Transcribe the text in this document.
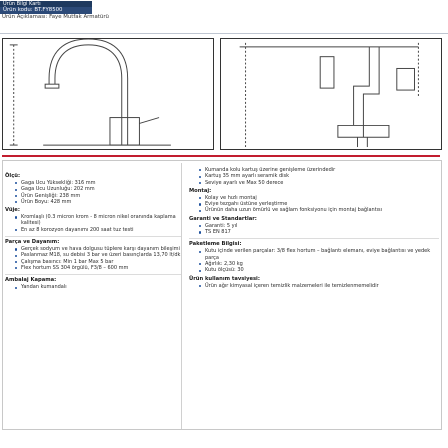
Ürün Bilgi Kartı
Ürün kodu: BT.FY8500
Ürün Açıklaması: Faye Mutfak Armatürü
Ölçü:
Gaga Ucu Yüksekliği: 316 mm
Gaga Ucu Uzunluğu: 202 mm
Ürün Genişliği: 238 mm
Ürün Boyu: 428 mm
Vüje:
Kromlaşlı (0.3 micron krom - 8 micron nikel oranında kaplama kalitesi)
En az 8 korozyon dayanımı 200 saat tuz testi
Parça ve Dayanım:
Gerçek sodyum ve hava dolgusu tüplere karşı dayanım bileşimi
Paslanmaz M18, su debisi 3 bar ve üzeri basınçlarda 13,70 lt/dk
Çalışma basıncı: Min 1 bar Max 5 bar
Flex hortum SS 304 örgülü, F3/8 – 600 mm
Ambalaj Kapama:
Yandan kumandalı
Kumanda kolu kartuş üzerine genişleme üzerindedir
Kartuş 35 mm ayarlı seramik disk
Seviye ayarlı ve Max 50 derece
Montaj:
Kolay ve hızlı montaj
Eviye tezgahı üstüne yerleştirme
Ürünün daha uzun ömürlü ve sağlam fonksiyonu için montaj bağlantısı
Garanti ve Standartlar:
Garanti: 5 yıl
TS EN 817
Paketleme Bilgisi:
Kutu içinde verilen parçalar: 3/8 flex hortum – bağlantı elemanı, eviye bağlantısı ve yedek parça
Ağırlık: 2,30 kg
Kutu ölçüsü: 30
Ürün kullanım tavsiyesi:
Ürün ağır kimyasal içeren temizlik malzemeleri ile temizlenmemelidir
